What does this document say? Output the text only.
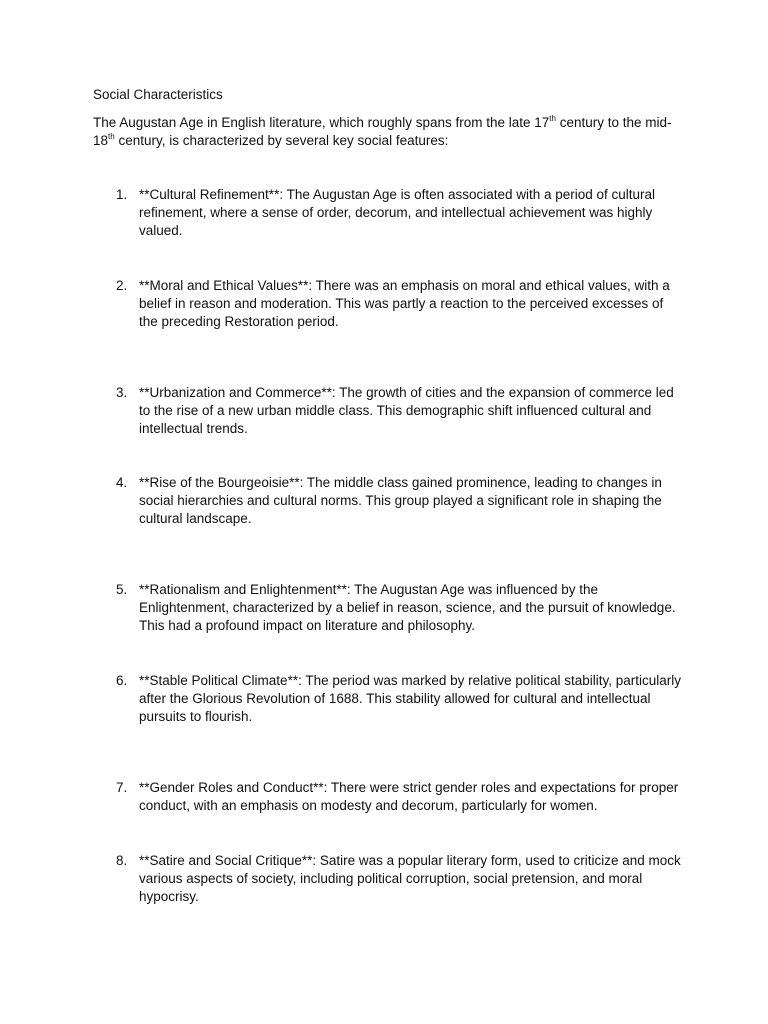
Social Characteristics
The Augustan Age in English literature, which roughly spans from the late 17th century to the mid-18th century, is characterized by several key social features:
1. **Cultural Refinement**: The Augustan Age is often associated with a period of cultural refinement, where a sense of order, decorum, and intellectual achievement was highly valued.
2. **Moral and Ethical Values**: There was an emphasis on moral and ethical values, with a belief in reason and moderation. This was partly a reaction to the perceived excesses of the preceding Restoration period.
3. **Urbanization and Commerce**: The growth of cities and the expansion of commerce led to the rise of a new urban middle class. This demographic shift influenced cultural and intellectual trends.
4. **Rise of the Bourgeoisie**: The middle class gained prominence, leading to changes in social hierarchies and cultural norms. This group played a significant role in shaping the cultural landscape.
5. **Rationalism and Enlightenment**: The Augustan Age was influenced by the Enlightenment, characterized by a belief in reason, science, and the pursuit of knowledge. This had a profound impact on literature and philosophy.
6. **Stable Political Climate**: The period was marked by relative political stability, particularly after the Glorious Revolution of 1688. This stability allowed for cultural and intellectual pursuits to flourish.
7. **Gender Roles and Conduct**: There were strict gender roles and expectations for proper conduct, with an emphasis on modesty and decorum, particularly for women.
8. **Satire and Social Critique**: Satire was a popular literary form, used to criticize and mock various aspects of society, including political corruption, social pretension, and moral hypocrisy.
